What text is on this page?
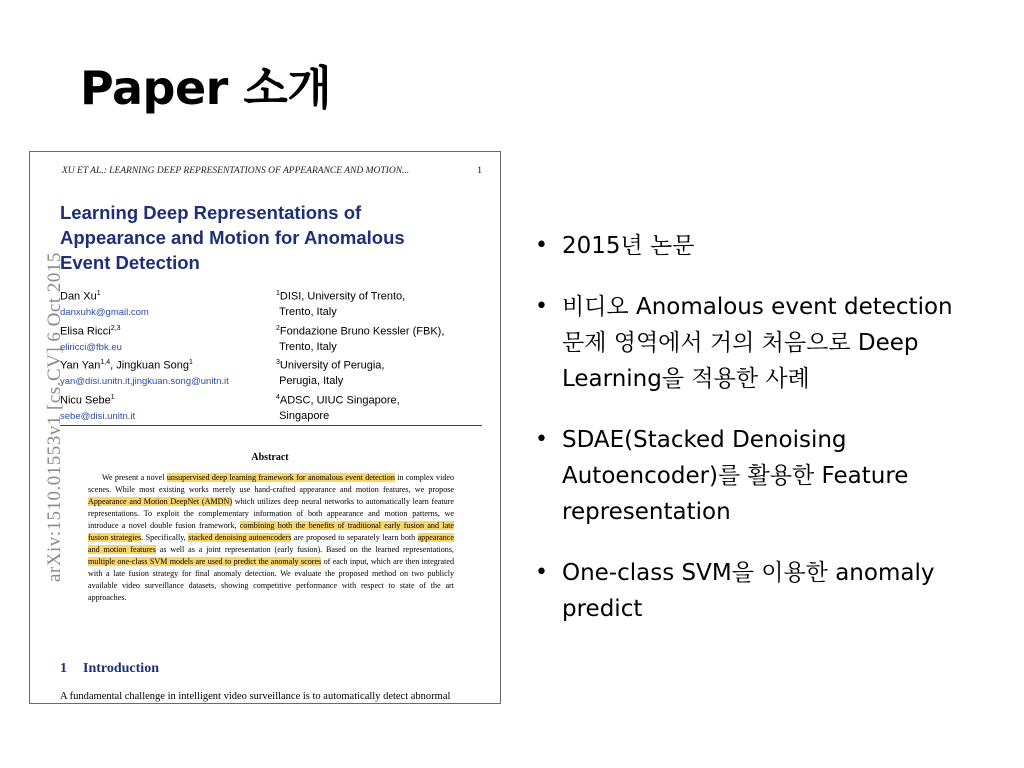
Paper 소개
XU ET AL.: LEARNING DEEP REPRESENTATIONS OF APPEARANCE AND MOTION...	1
arXiv:1510.01553v1 [cs.CV] 6 Oct 2015
Learning Deep Representations of
Appearance and Motion for Anomalous
Event Detection
Dan Xu$^1$
danxuhk@gmail.com
Elisa Ricci$^{2,3}$
eliricci@fbk.eu
Yan Yan$^{1,4}$, Jingkuan Song$^1$
yan@disi.unitn.it,jingkuan.song@unitn.it
Nicu Sebe$^1$
sebe@disi.unitn.it
$^1$DISI, University of Trento,
Trento, Italy
$^2$Fondazione Bruno Kessler (FBK),
Trento, Italy
$^3$University of Perugia,
Perugia, Italy
$^4$ADSC, UIUC Singapore,
Singapore
Abstract
We present a novel unsupervised deep learning framework for anomalous event detection in complex video scenes. While most existing works merely use hand-crafted appearance and motion features, we propose Appearance and Motion DeepNet (AMDN) which utilizes deep neural networks to automatically learn feature representations. To exploit the complementary information of both appearance and motion patterns, we introduce a novel double fusion framework, combining both the benefits of traditional early fusion and late fusion strategies. Specifically, stacked denoising autoencoders are proposed to separately learn both appearance and motion features as well as a joint representation (early fusion). Based on the learned representations, multiple one-class SVM models are used to predict the anomaly scores of each input, which are then integrated with a late fusion strategy for final anomaly detection. We evaluate the proposed method on two publicly available video surveillance datasets, showing competitive performance with respect to state of the art approaches.
1 Introduction
A fundamental challenge in intelligent video surveillance is to automatically detect abnormal
• 2015년 논문
• 비디오 Anomalous event detection 문제 영역에서 거의 처음으로 Deep Learning을 적용한 사례
• SDAE(Stacked Denoising Autoencoder)를 활용한 Feature representation
• One-class SVM을 이용한 anomaly predict
